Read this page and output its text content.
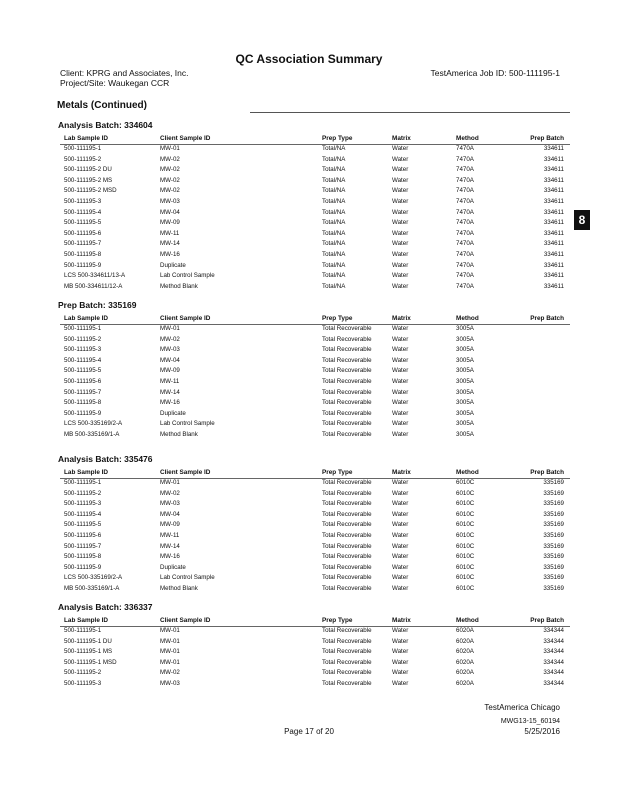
QC Association Summary
Client: KPRG and Associates, Inc.
Project/Site: Waukegan CCR
TestAmerica Job ID: 500-111195-1
Metals (Continued)
8
Analysis Batch: 334604
Lab Sample ID	Client Sample ID	Prep Type	Matrix	Method	Prep Batch
500-111195-1	MW-01	Total/NA	Water	7470A	334611
500-111195-2	MW-02	Total/NA	Water	7470A	334611
500-111195-2 DU	MW-02	Total/NA	Water	7470A	334611
500-111195-2 MS	MW-02	Total/NA	Water	7470A	334611
500-111195-2 MSD	MW-02	Total/NA	Water	7470A	334611
500-111195-3	MW-03	Total/NA	Water	7470A	334611
500-111195-4	MW-04	Total/NA	Water	7470A	334611
500-111195-5	MW-09	Total/NA	Water	7470A	334611
500-111195-6	MW-11	Total/NA	Water	7470A	334611
500-111195-7	MW-14	Total/NA	Water	7470A	334611
500-111195-8	MW-16	Total/NA	Water	7470A	334611
500-111195-9	Duplicate	Total/NA	Water	7470A	334611
LCS 500-334611/13-A	Lab Control Sample	Total/NA	Water	7470A	334611
MB 500-334611/12-A	Method Blank	Total/NA	Water	7470A	334611
Prep Batch: 335169
Lab Sample ID	Client Sample ID	Prep Type	Matrix	Method	Prep Batch
500-111195-1	MW-01	Total Recoverable	Water	3005A
500-111195-2	MW-02	Total Recoverable	Water	3005A
500-111195-3	MW-03	Total Recoverable	Water	3005A
500-111195-4	MW-04	Total Recoverable	Water	3005A
500-111195-5	MW-09	Total Recoverable	Water	3005A
500-111195-6	MW-11	Total Recoverable	Water	3005A
500-111195-7	MW-14	Total Recoverable	Water	3005A
500-111195-8	MW-16	Total Recoverable	Water	3005A
500-111195-9	Duplicate	Total Recoverable	Water	3005A
LCS 500-335169/2-A	Lab Control Sample	Total Recoverable	Water	3005A
MB 500-335169/1-A	Method Blank	Total Recoverable	Water	3005A
Analysis Batch: 335476
Lab Sample ID	Client Sample ID	Prep Type	Matrix	Method	Prep Batch
500-111195-1	MW-01	Total Recoverable	Water	6010C	335169
500-111195-2	MW-02	Total Recoverable	Water	6010C	335169
500-111195-3	MW-03	Total Recoverable	Water	6010C	335169
500-111195-4	MW-04	Total Recoverable	Water	6010C	335169
500-111195-5	MW-09	Total Recoverable	Water	6010C	335169
500-111195-6	MW-11	Total Recoverable	Water	6010C	335169
500-111195-7	MW-14	Total Recoverable	Water	6010C	335169
500-111195-8	MW-16	Total Recoverable	Water	6010C	335169
500-111195-9	Duplicate	Total Recoverable	Water	6010C	335169
LCS 500-335169/2-A	Lab Control Sample	Total Recoverable	Water	6010C	335169
MB 500-335169/1-A	Method Blank	Total Recoverable	Water	6010C	335169
Analysis Batch: 336337
Lab Sample ID	Client Sample ID	Prep Type	Matrix	Method	Prep Batch
500-111195-1	MW-01	Total Recoverable	Water	6020A	334344
500-111195-1 DU	MW-01	Total Recoverable	Water	6020A	334344
500-111195-1 MS	MW-01	Total Recoverable	Water	6020A	334344
500-111195-1 MSD	MW-01	Total Recoverable	Water	6020A	334344
500-111195-2	MW-02	Total Recoverable	Water	6020A	334344
500-111195-3	MW-03	Total Recoverable	Water	6020A	334344
TestAmerica Chicago
Page 17 of 20
MWG13-15_60194
5/25/2016
